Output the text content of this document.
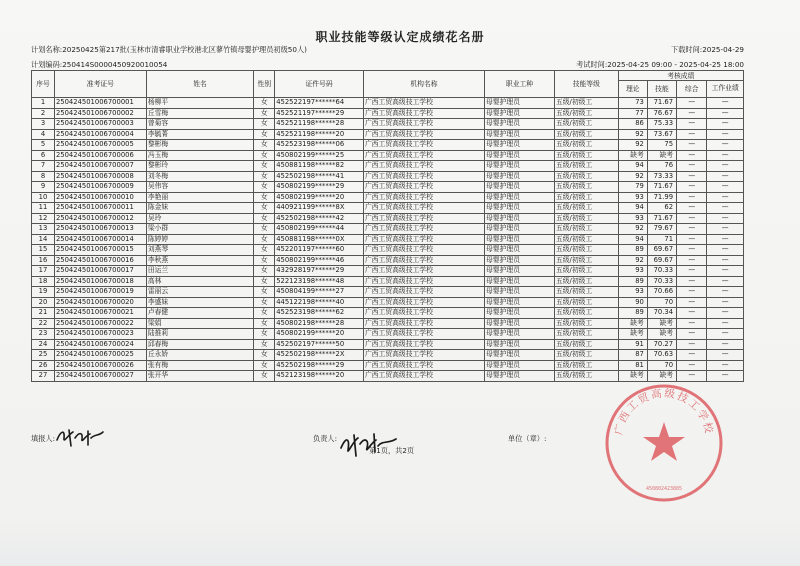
职业技能等级认定成绩花名册
计划名称:20250425第217批(玉林市清睿职业学校港北区蓼竹镇母婴护理员初级50人)	下载时间:2025-04-29
计划编码:250414S0000450920010054	考试时间:2025-04-25 09:00 - 2025-04-25 18:00
序号	准考证号	姓名	性别	证件号码	机构名称	职业工种	技能等级	考核成绩			
								理论	技能	综合	工作业绩
1	250424501006700001	杨柳平	女	452522197******64	广西工贸高级技工学校	母婴护理员	五级/初级工	73	71.67	—	—
2	250424501006700002	丘雪梅	女	452521197******29	广西工贸高级技工学校	母婴护理员	五级/初级工	77	76.67	—	—
3	250424501006700003	曾菊容	女	452521198******28	广西工贸高级技工学校	母婴护理员	五级/初级工	86	75.33	—	—
4	250424501006700004	李毓菁	女	452521198******20	广西工贸高级技工学校	母婴护理员	五级/初级工	92	73.67	—	—
5	250424501006700005	黎彬梅	女	452523198******06	广西工贸高级技工学校	母婴护理员	五级/初级工	92	75	—	—
6	250424501006700006	冯玉梅	女	450802199******25	广西工贸高级技工学校	母婴护理员	五级/初级工	缺考	缺考	—	—
7	250424501006700007	黎彬玲	女	450881198******82	广西工贸高级技工学校	母婴护理员	五级/初级工	94	76	—	—
8	250424501006700008	刘冬梅	女	452502198******41	广西工贸高级技工学校	母婴护理员	五级/初级工	92	73.33	—	—
9	250424501006700009	吴伟容	女	450802199******29	广西工贸高级技工学校	母婴护理员	五级/初级工	79	71.67	—	—
10	250424501006700010	李艳丽	女	450802199******20	广西工贸高级技工学校	母婴护理员	五级/初级工	93	71.99	—	—
11	250424501006700011	陈金妹	女	440921199******8X	广西工贸高级技工学校	母婴护理员	五级/初级工	94	62	—	—
12	250424501006700012	吴玲	女	452502198******42	广西工贸高级技工学校	母婴护理员	五级/初级工	93	71.67	—	—
13	250424501006700013	梁小群	女	450802199******44	广西工贸高级技工学校	母婴护理员	五级/初级工	92	79.67	—	—
14	250424501006700014	陈婷婷	女	450881198******0X	广西工贸高级技工学校	母婴护理员	五级/初级工	94	71	—	—
15	250424501006700015	刘燕琴	女	452201197******60	广西工贸高级技工学校	母婴护理员	五级/初级工	89	69.67	—	—
16	250424501006700016	李秋燕	女	450802199******46	广西工贸高级技工学校	母婴护理员	五级/初级工	92	69.67	—	—
17	250424501006700017	田运兰	女	432928197******29	广西工贸高级技工学校	母婴护理员	五级/初级工	93	70.33	—	—
18	250424501006700018	高林	女	522123198******48	广西工贸高级技工学校	母婴护理员	五级/初级工	89	70.33	—	—
19	250424501006700019	雷丽云	女	450804199******27	广西工贸高级技工学校	母婴护理员	五级/初级工	93	70.66	—	—
20	250424501006700020	李盛妹	女	445122198******40	广西工贸高级技工学校	母婴护理员	五级/初级工	90	70	—	—
21	250424501006700021	卢春健	女	452523198******62	广西工贸高级技工学校	母婴护理员	五级/初级工	89	70.34	—	—
22	250424501006700022	梁娟	女	450802198******28	广西工贸高级技工学校	母婴护理员	五级/初级工	缺考	缺考	—	—
23	250424501006700023	陆推莉	女	450802199******20	广西工贸高级技工学校	母婴护理员	五级/初级工	缺考	缺考	—	—
24	250424501006700024	邱春梅	女	452502197******50	广西工贸高级技工学校	母婴护理员	五级/初级工	91	70.27	—	—
25	250424501006700025	丘永娇	女	452502198******2X	广西工贸高级技工学校	母婴护理员	五级/初级工	87	70.63	—	—
26	250424501006700026	张有梅	女	452502198******29	广西工贸高级技工学校	母婴护理员	五级/初级工	81	70	—	—
27	250424501006700027	张开华	女	452123198******20	广西工贸高级技工学校	母婴护理员	五级/初级工	缺考	缺考	—	—
填报人:	负责人:
第1页，共2页
单位（章）:
广西工贸高级技工学校
450802423885
